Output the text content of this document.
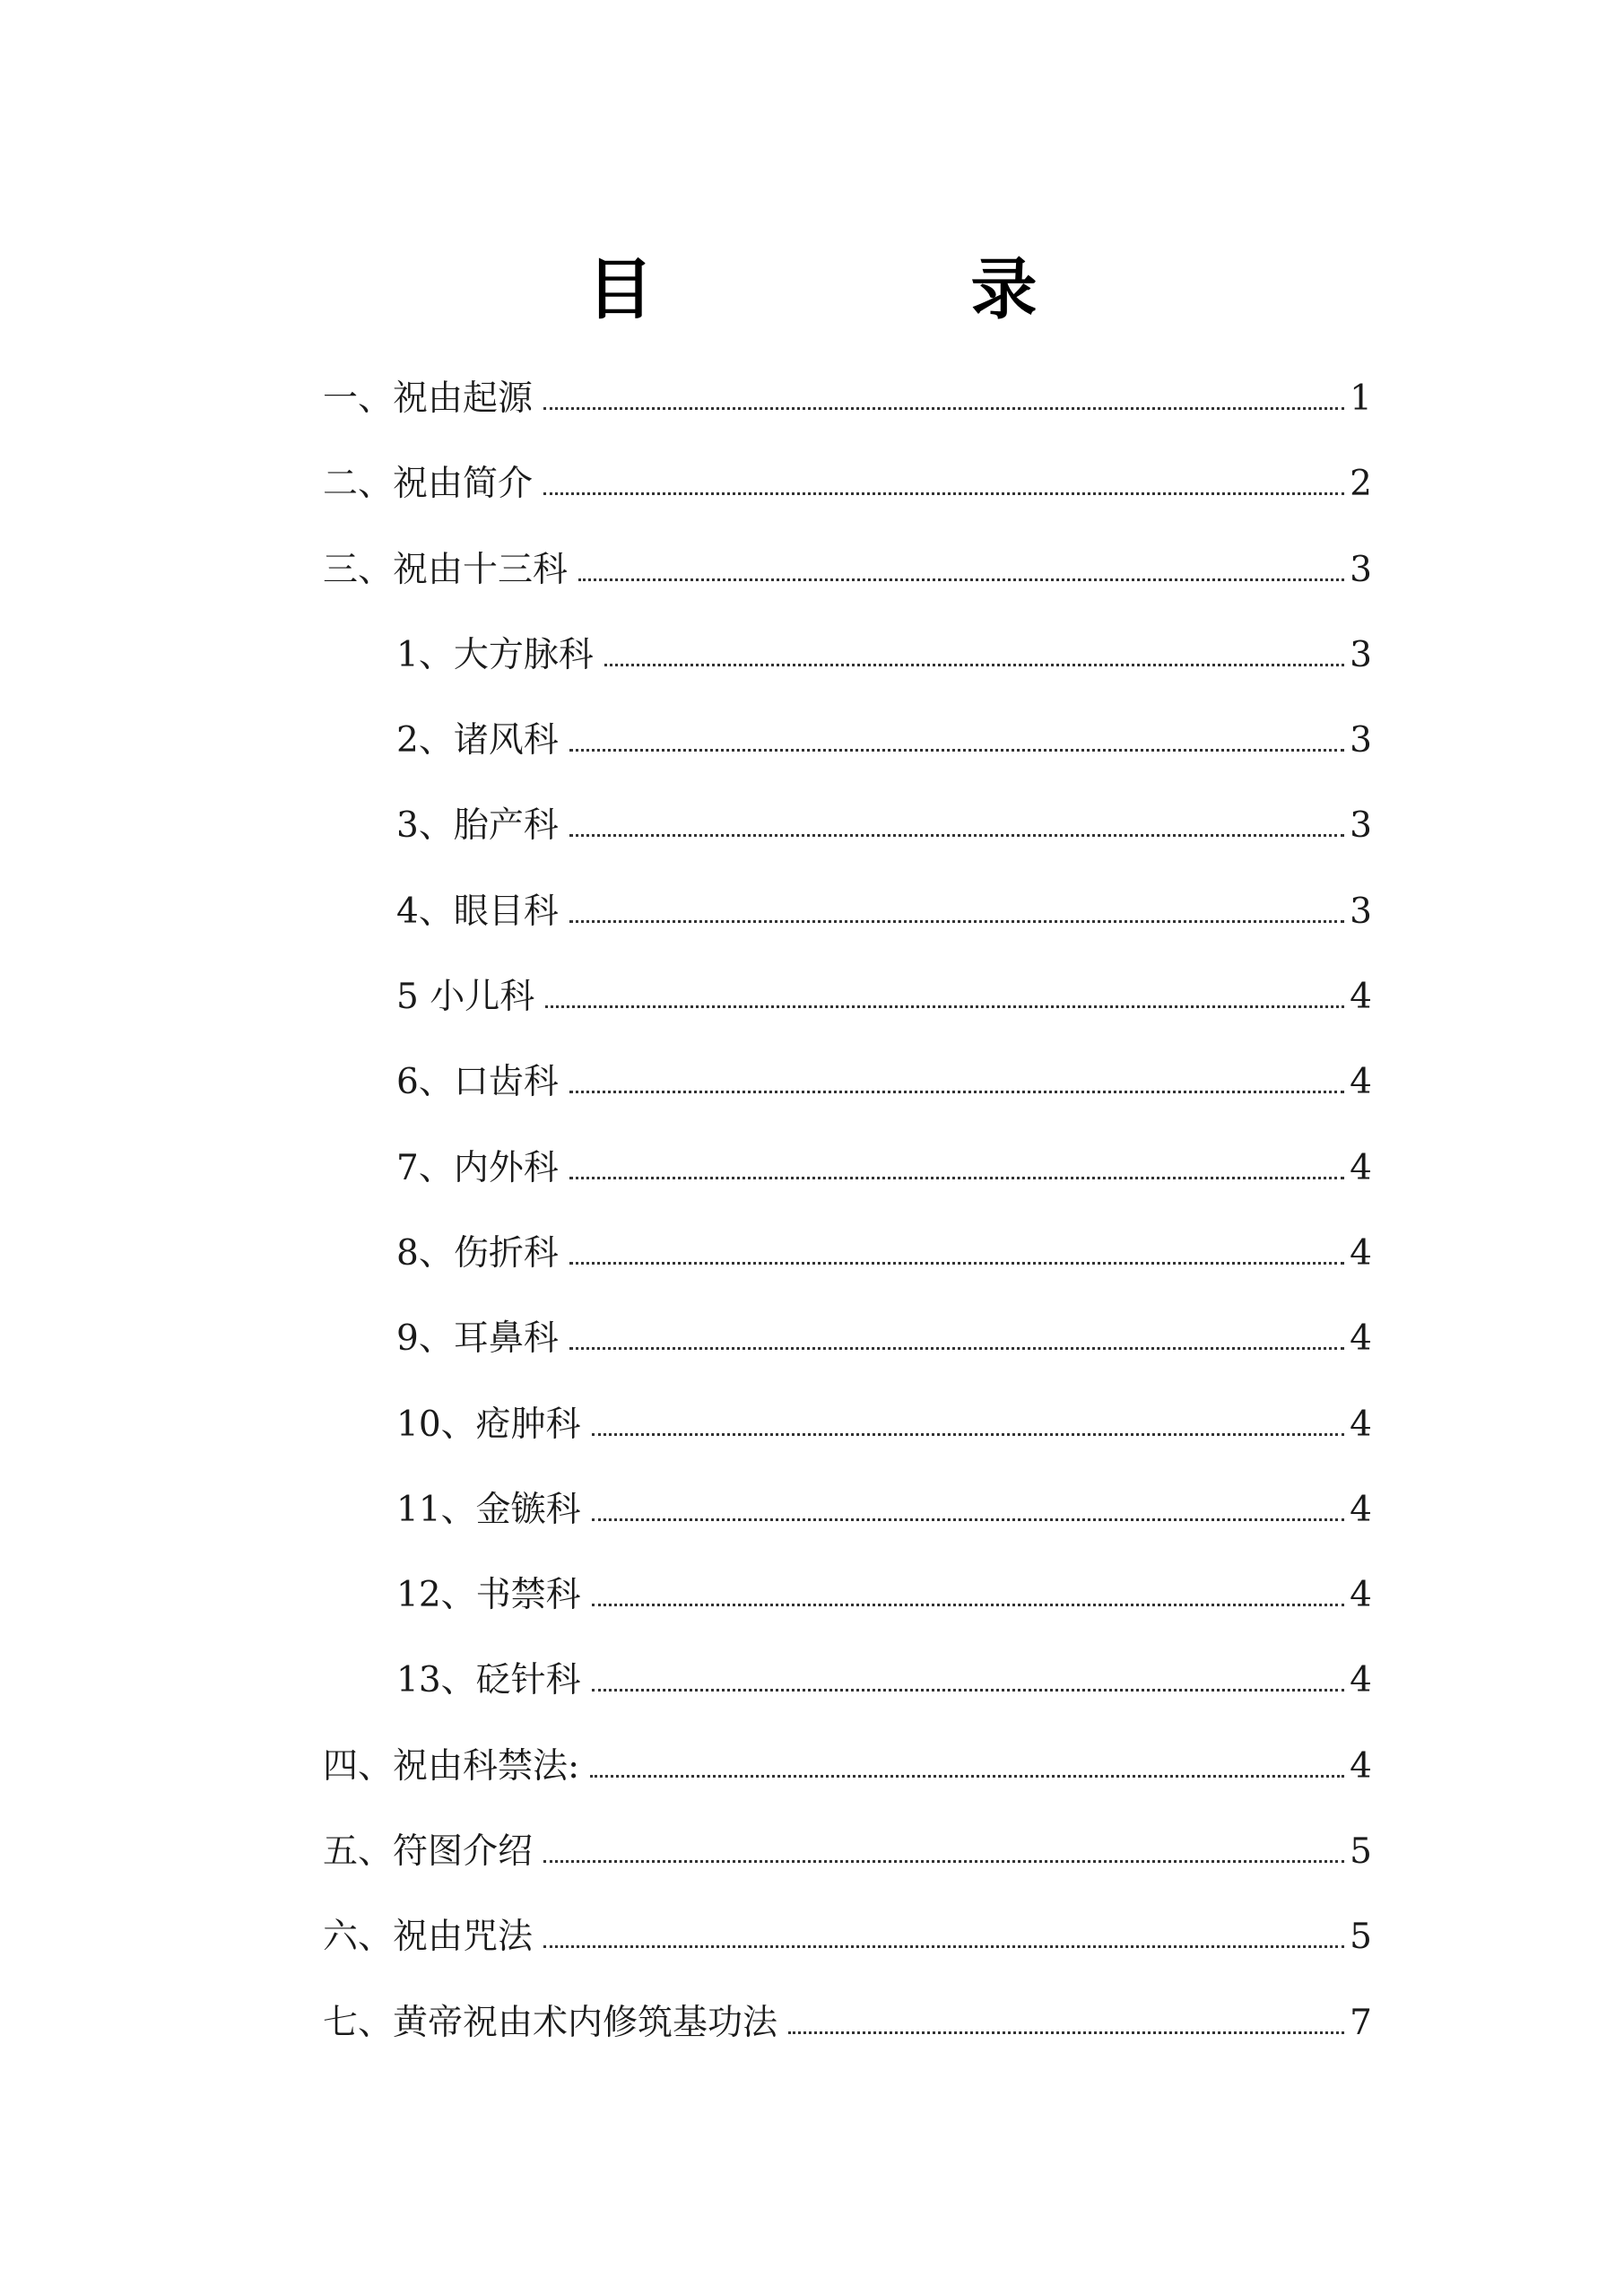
目　录
一、祝由起源	1
二、祝由简介	2
三、祝由十三科	3
1、大方脉科	3
2、诸风科	3
3、胎产科	3
4、眼目科	3
5 小儿科	4
6、口齿科	4
7、内外科	4
8、伤折科	4
9、耳鼻科	4
10、疮肿科	4
11、金镞科	4
12、书禁科	4
13、砭针科	4
四、祝由科禁法:	4
五、符图介绍	5
六、祝由咒法	5
七、黄帝祝由术内修筑基功法	7
